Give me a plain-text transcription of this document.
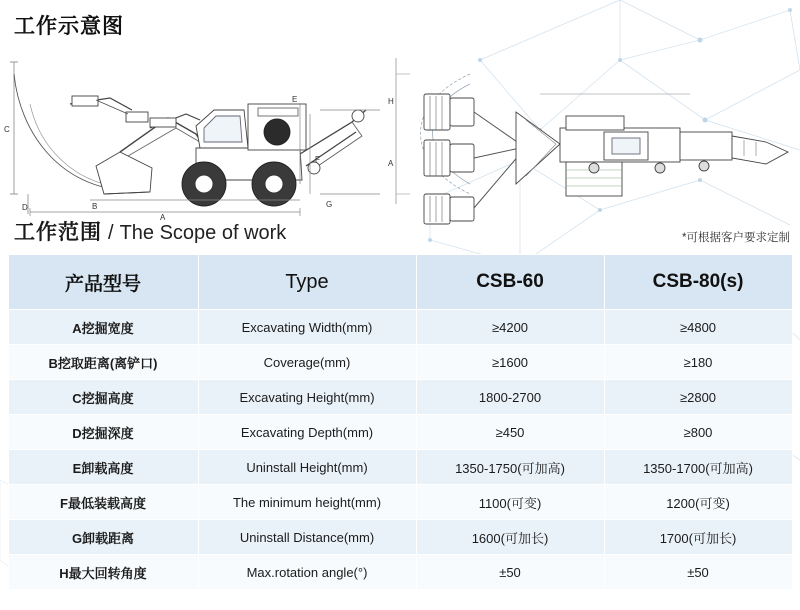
工作示意图
C
D	B
A
E
F
G
H
A
工作范围 / The Scope of work	*可根据客户要求定制
产品型号	Type	CSB-60	CSB-80(s)
A挖掘宽度	Excavating Width(mm)	≥4200	≥4800
B挖取距离(离铲口)	Coverage(mm)	≥1600	≥180
C挖掘高度	Excavating Height(mm)	1800-2700	≥2800
D挖掘深度	Excavating Depth(mm)	≥450	≥800
E卸载高度	Uninstall Height(mm)	1350-1750(可加高)	1350-1700(可加高)
F最低装载高度	The minimum height(mm)	1100(可变)	1200(可变)
G卸载距离	Uninstall Distance(mm)	1600(可加长)	1700(可加长)
H最大回转角度	Max.rotation angle(°)	±50	±50
